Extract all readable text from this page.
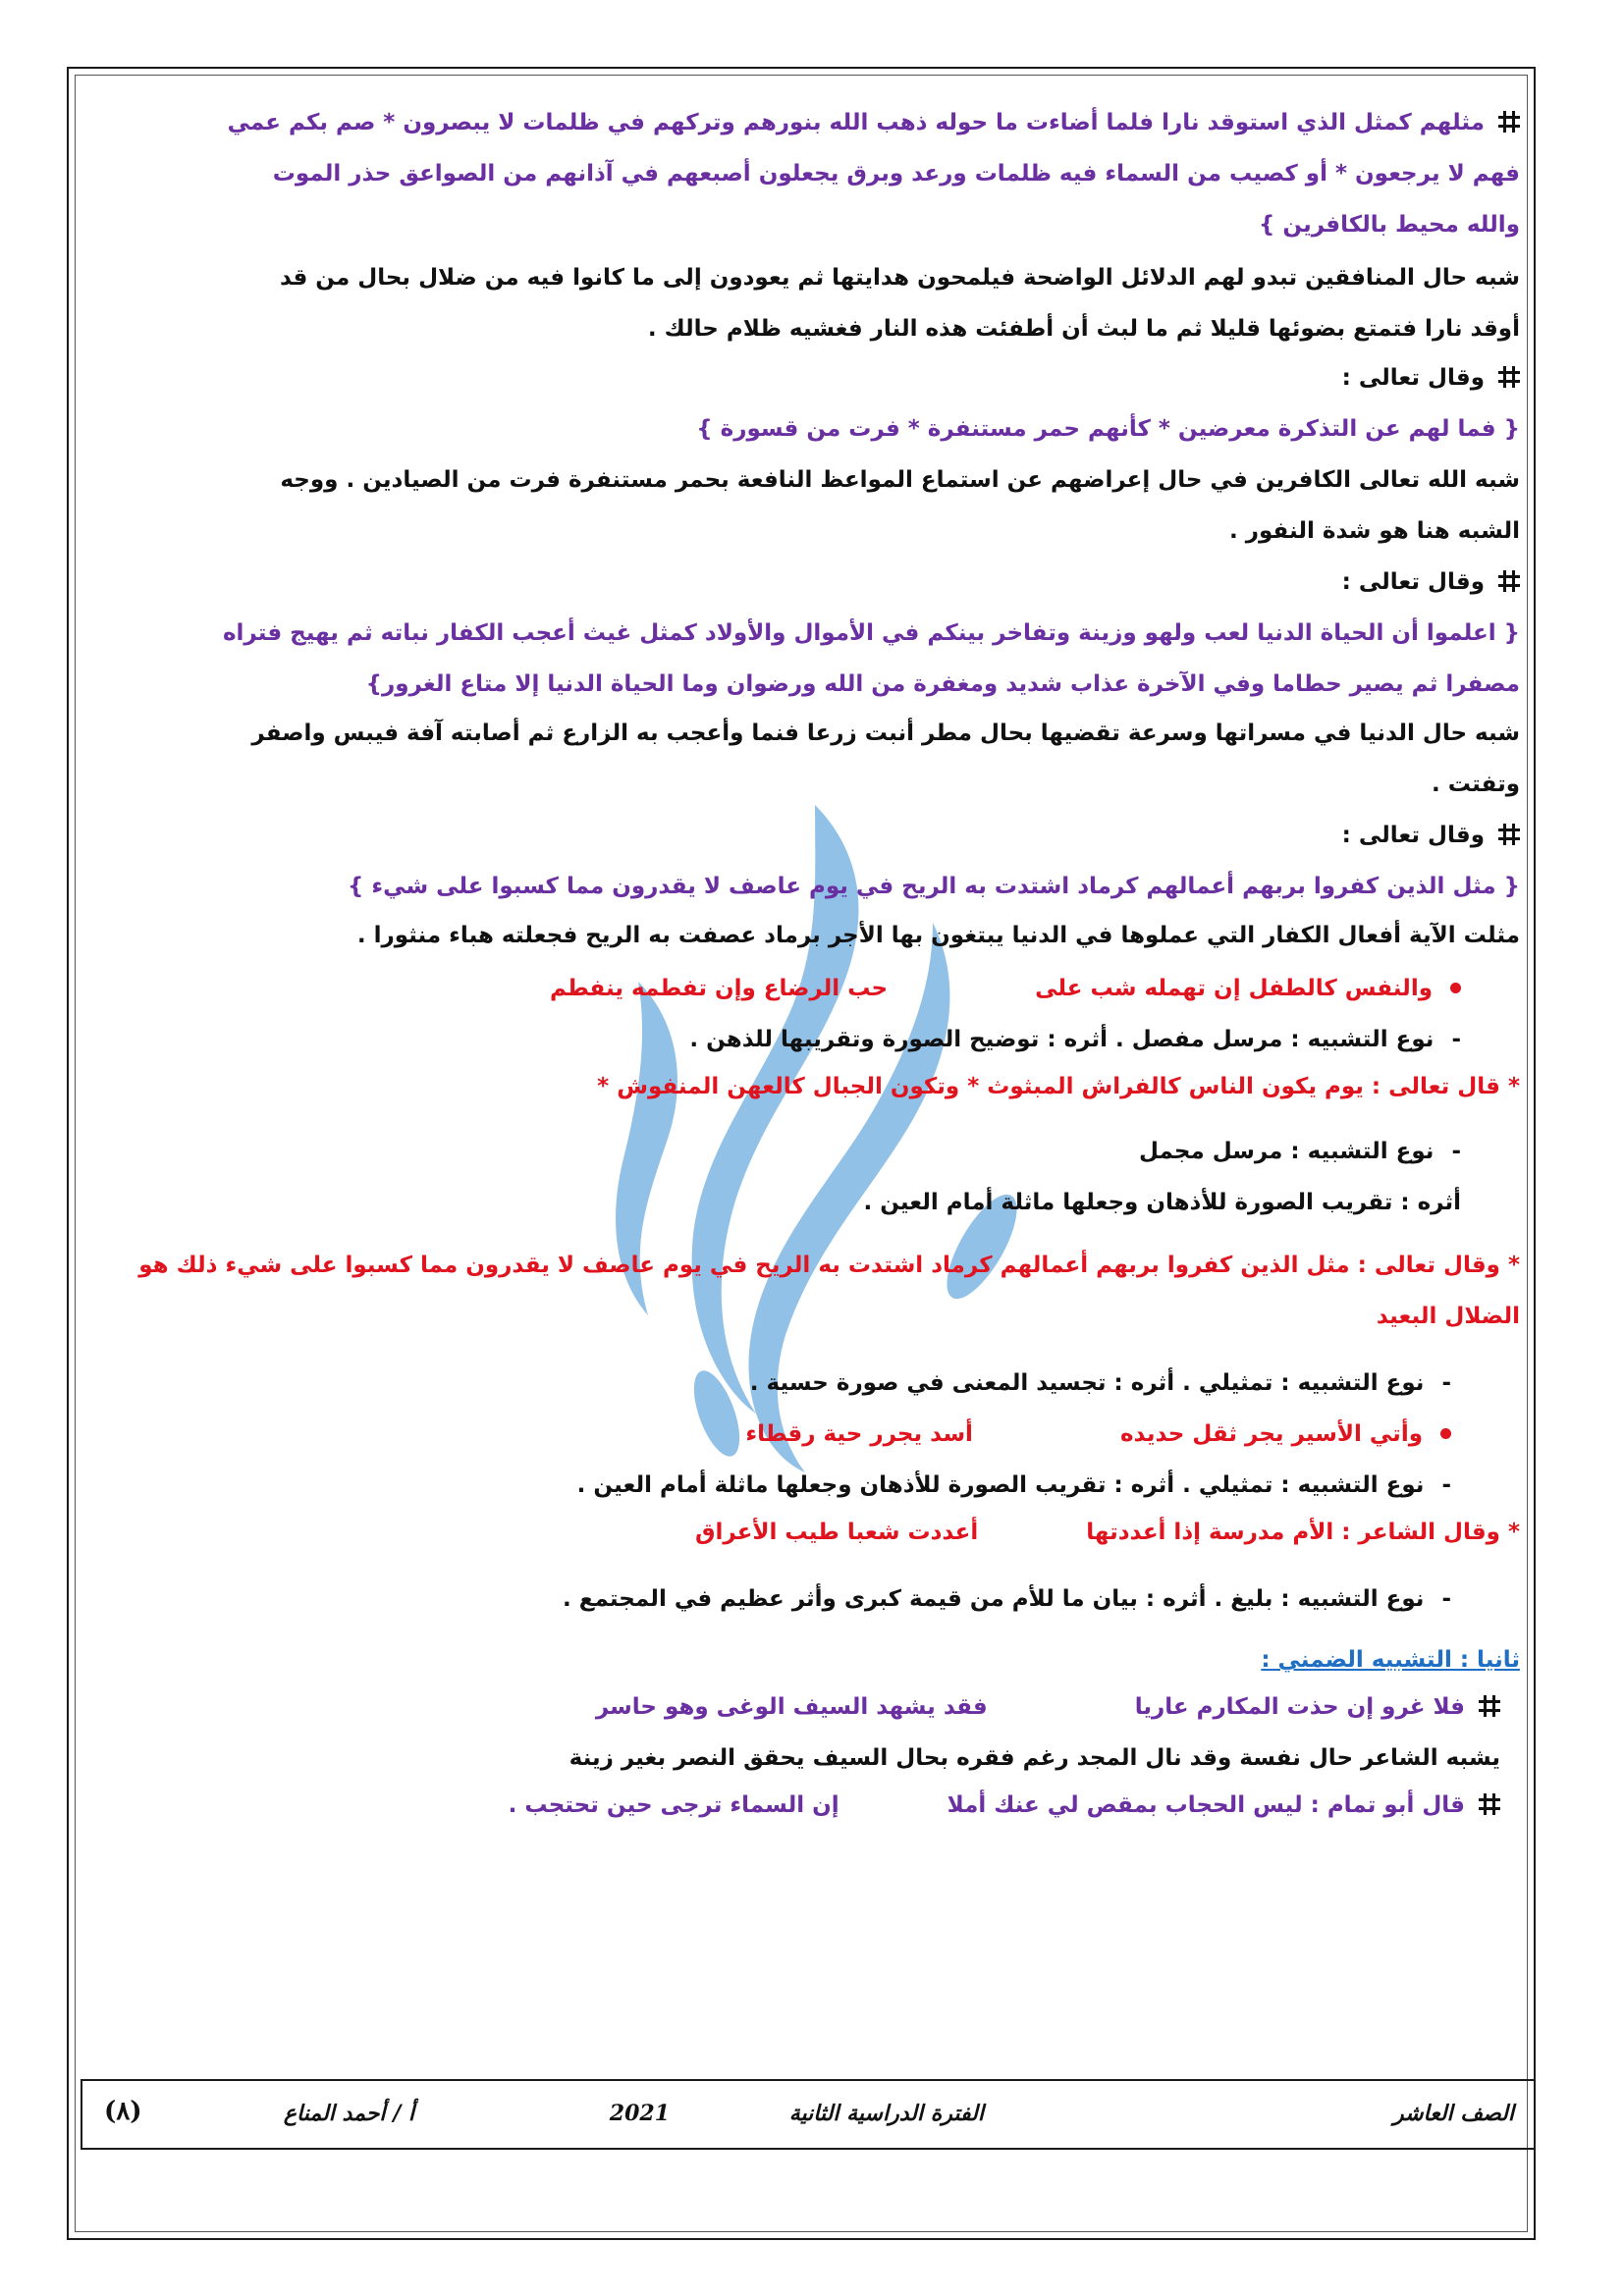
مثلهم كمثل الذي استوقد نارا فلما أضاءت ما حوله ذهب الله بنورهم وتركهم في ظلمات لا يبصرون * صم بكم عمي

فهم لا يرجعون * أو كصيب من السماء فيه ظلمات ورعد وبرق يجعلون أصبعهم في آذانهم من الصواعق حذر الموت

والله محيط بالكافرين }

شبه حال المنافقين تبدو لهم الدلائل الواضحة فيلمحون هدايتها ثم يعودون إلى ما كانوا فيه من ضلال بحال من قد

أوقد نارا فتمتع بضوئها قليلا ثم ما لبث أن أطفئت هذه النار فغشيه ظلام حالك .

وقال تعالى :

{ فما لهم عن التذكرة معرضين * كأنهم حمر مستنفرة * فرت من قسورة }

شبه الله تعالى الكافرين في حال إعراضهم عن استماع المواعظ النافعة بحمر مستنفرة فرت من الصيادين . ووجه

الشبه هنا هو شدة النفور .

وقال تعالى :

{ اعلموا أن الحياة الدنيا لعب ولهو وزينة وتفاخر بينكم في الأموال والأولاد كمثل غيث أعجب الكفار نباته ثم يهيج فتراه

مصفرا ثم يصير حطاما وفي الآخرة عذاب شديد ومغفرة من الله ورضوان وما الحياة الدنيا إلا متاع الغرور}

شبه حال الدنيا في مسراتها وسرعة تقضيها بحال مطر أنبت زرعا فنما وأعجب به الزارع ثم أصابته آفة فيبس واصفر

وتفتت .

وقال تعالى :

{ مثل الذين كفروا بربهم أعمالهم كرماد اشتدت به الريح في يوم عاصف لا يقدرون مما كسبوا على شيء }

مثلت الآية أفعال الكفار التي عملوها في الدنيا يبتغون بها الأجر برماد عصفت به الريح فجعلته هباء منثورا .

والنفس كالطفل إن تهمله شب علىحب الرضاع وإن تفطمه ينفطم

-نوع التشبيه : مرسل مفصل . أثره : توضيح الصورة وتقريبها للذهن .

* قال تعالى : يوم يكون الناس كالفراش المبثوث * وتكون الجبال كالعهن المنفوش *

-نوع التشبيه : مرسل مجمل

أثره : تقريب الصورة للأذهان وجعلها ماثلة أمام العين .

* وقال تعالى : مثل الذين كفروا بربهم أعمالهم كرماد اشتدت به الريح في يوم عاصف لا يقدرون مما كسبوا على شيء ذلك هو

الضلال البعيد

-نوع التشبيه : تمثيلي . أثره : تجسيد المعنى في صورة حسية .

وأتي الأسير يجر ثقل حديدهأسد يجرر حية رقطاء

-نوع التشبيه : تمثيلي . أثره : تقريب الصورة للأذهان وجعلها ماثلة أمام العين .

* وقال الشاعر : الأم مدرسة إذا أعددتهاأعددت شعبا طيب الأعراق

-نوع التشبيه : بليغ . أثره : بيان ما للأم من قيمة كبرى وأثر عظيم في المجتمع .

ثانيا : التشبيه الضمني :

فلا غرو إن حذت المكارم عاريافقد يشهد السيف الوغى وهو حاسر

يشبه الشاعر حال نفسة وقد نال المجد رغم فقره بحال السيف يحقق النصر بغير زينة

قال أبو تمام : ليس الحجاب بمقص لي عنك أملاإن السماء ترجى حين تحتجب .

الصف العاشر
الفترة الدراسية الثانية
2021
أ / أحمد المناع
(٨)
